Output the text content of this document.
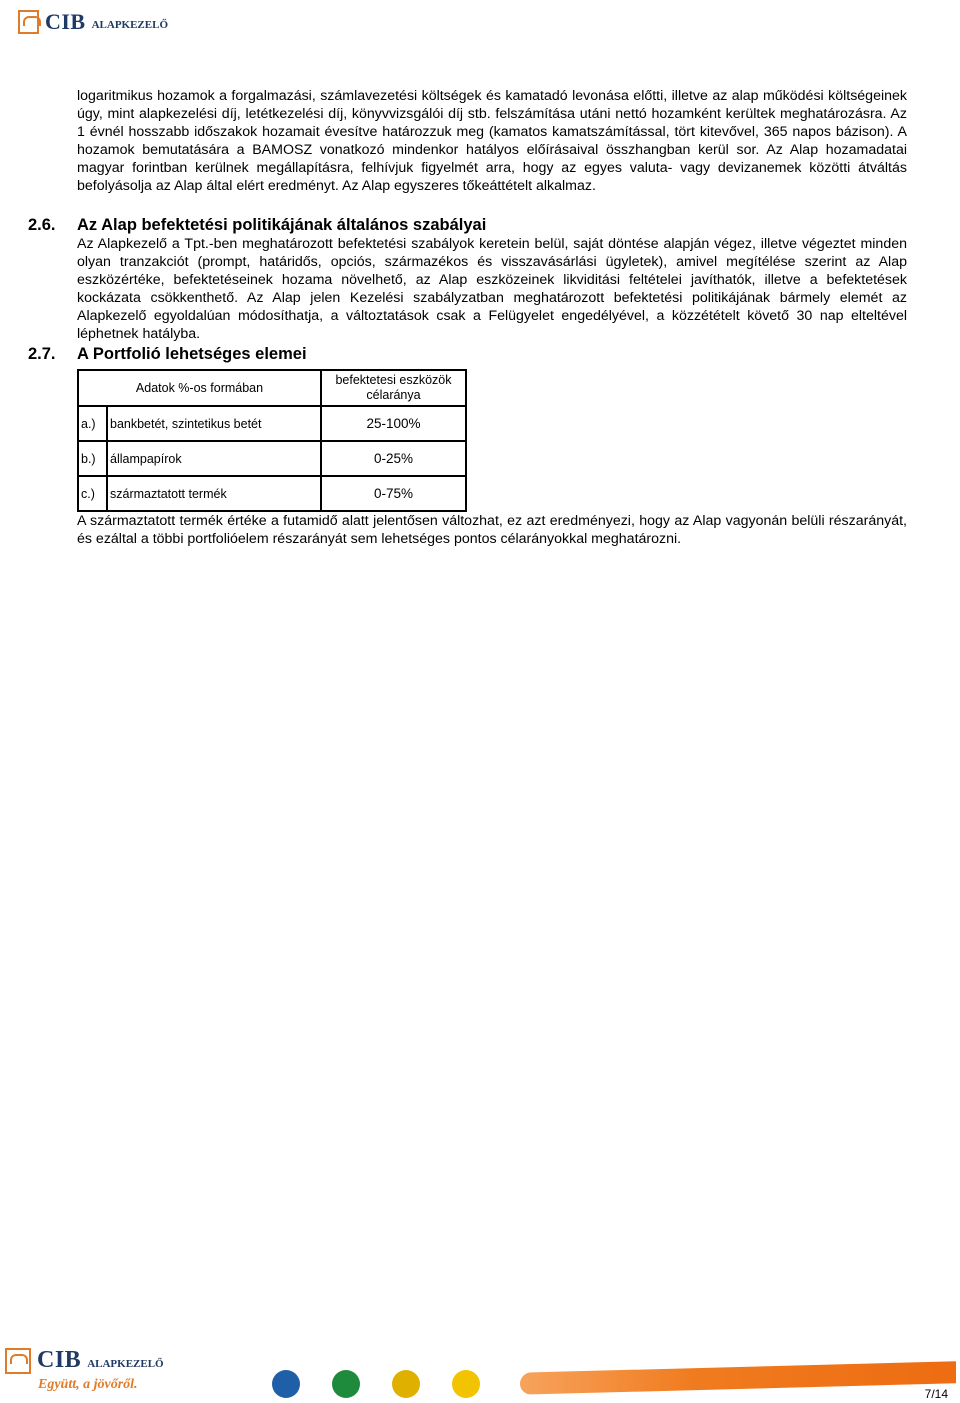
CIB ALAPKEZELŐ

logaritmikus hozamok a forgalmazási, számlavezetési költségek és kamatadó levonása előtti, illetve az alap működési költségeinek úgy, mint alapkezelési díj, letétkezelési díj, könyvvizsgálói díj stb. felszámítása utáni nettó hozamként kerültek meghatározásra. Az 1 évnél hosszabb időszakok hozamait évesítve határozzuk meg (kamatos kamatszámítással, tört kitevővel, 365 napos bázison). A hozamok bemutatására a BAMOSZ vonatkozó mindenkor hatályos előírásaival összhangban kerül sor. Az Alap hozamadatai magyar forintban kerülnek megállapításra, felhívjuk figyelmét arra, hogy az egyes valuta- vagy devizanemek közötti átváltás befolyásolja az Alap által elért eredményt. Az Alap egyszeres tőkeáttételt alkalmaz.

2.6.	Az Alap befektetési politikájának általános szabályai

Az Alapkezelő a Tpt.-ben meghatározott befektetési szabályok keretein belül, saját döntése alapján végez, illetve végeztet minden olyan tranzakciót (prompt, határidős, opciós, származékos és visszavásárlási ügyletek), amivel megítélése szerint az Alap eszközértéke, befektetéseinek hozama növelhető, az Alap eszközeinek likviditási feltételei javíthatók, illetve a befektetések kockázata csökkenthető. Az Alap jelen Kezelési szabályzatban meghatározott befektetési politikájának bármely elemét az Alapkezelő egyoldalúan módosíthatja, a változtatások csak a Felügyelet engedélyével, a közzétételt követő 30 nap elteltével léphetnek hatályba.

2.7.	A Portfolió lehetséges elemei
Adatok %-os formában		befektetesi eszközök célaránya
a.)	bankbetét, szintetikus betét	25-100%
b.)	állampapírok	0-25%
c.)	származtatott termék	0-75%

A származtatott termék értéke a futamidő alatt jelentősen változhat, ez azt eredményezi, hogy az Alap vagyonán belüli részarányát, és ezáltal a többi portfolióelem részarányát sem lehetséges pontos célarányokkal meghatározni.

CIB ALAPKEZELŐ
Együtt, a jövőről.
7/14
